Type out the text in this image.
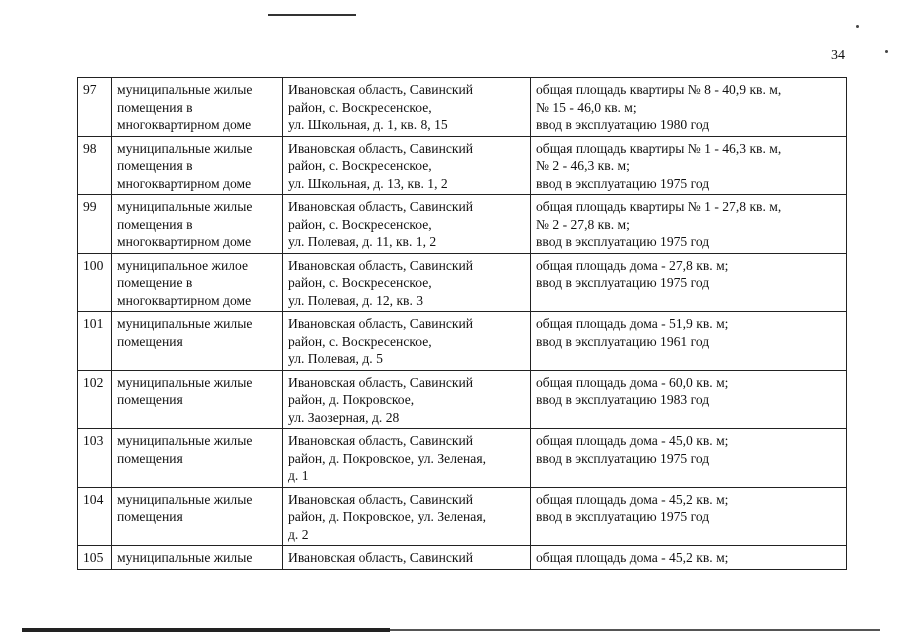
34
97	муниципальные жилые
помещения в
многоквартирном доме	Ивановская область, Савинский
район, с. Воскресенское,
ул. Школьная, д. 1, кв. 8, 15	общая площадь квартиры № 8 - 40,9 кв. м,
№ 15 - 46,0 кв. м;
ввод в эксплуатацию 1980 год

98	муниципальные жилые
помещения в
многоквартирном доме	Ивановская область, Савинский
район, с. Воскресенское,
ул. Школьная, д. 13, кв. 1, 2	общая площадь квартиры № 1 - 46,3 кв. м,
№ 2 - 46,3 кв. м;
ввод в эксплуатацию 1975 год

99	муниципальные жилые
помещения в
многоквартирном доме	Ивановская область, Савинский
район, с. Воскресенское,
ул. Полевая, д. 11, кв. 1, 2	общая площадь квартиры № 1 - 27,8 кв. м,
№ 2 - 27,8 кв. м;
ввод в эксплуатацию 1975 год

100	муниципальное жилое
помещение в
многоквартирном доме	Ивановская область, Савинский
район, с. Воскресенское,
ул. Полевая, д. 12, кв. 3	общая площадь дома - 27,8 кв. м;
ввод в эксплуатацию 1975 год

101	муниципальные жилые
помещения	Ивановская область, Савинский
район, с. Воскресенское,
ул. Полевая, д. 5	общая площадь дома - 51,9 кв. м;
ввод в эксплуатацию 1961 год

102	муниципальные жилые
помещения	Ивановская область, Савинский
район, д. Покровское,
ул. Заозерная, д. 28	общая площадь дома - 60,0 кв. м;
ввод в эксплуатацию 1983 год

103	муниципальные жилые
помещения	Ивановская область, Савинский
район, д. Покровское, ул. Зеленая,
д. 1	общая площадь дома - 45,0 кв. м;
ввод в эксплуатацию 1975 год

104	муниципальные жилые
помещения	Ивановская область, Савинский
район, д. Покровское, ул. Зеленая,
д. 2	общая площадь дома - 45,2 кв. м;
ввод в эксплуатацию 1975 год

105	муниципальные жилые	Ивановская область, Савинский	общая площадь дома - 45,2 кв. м;
